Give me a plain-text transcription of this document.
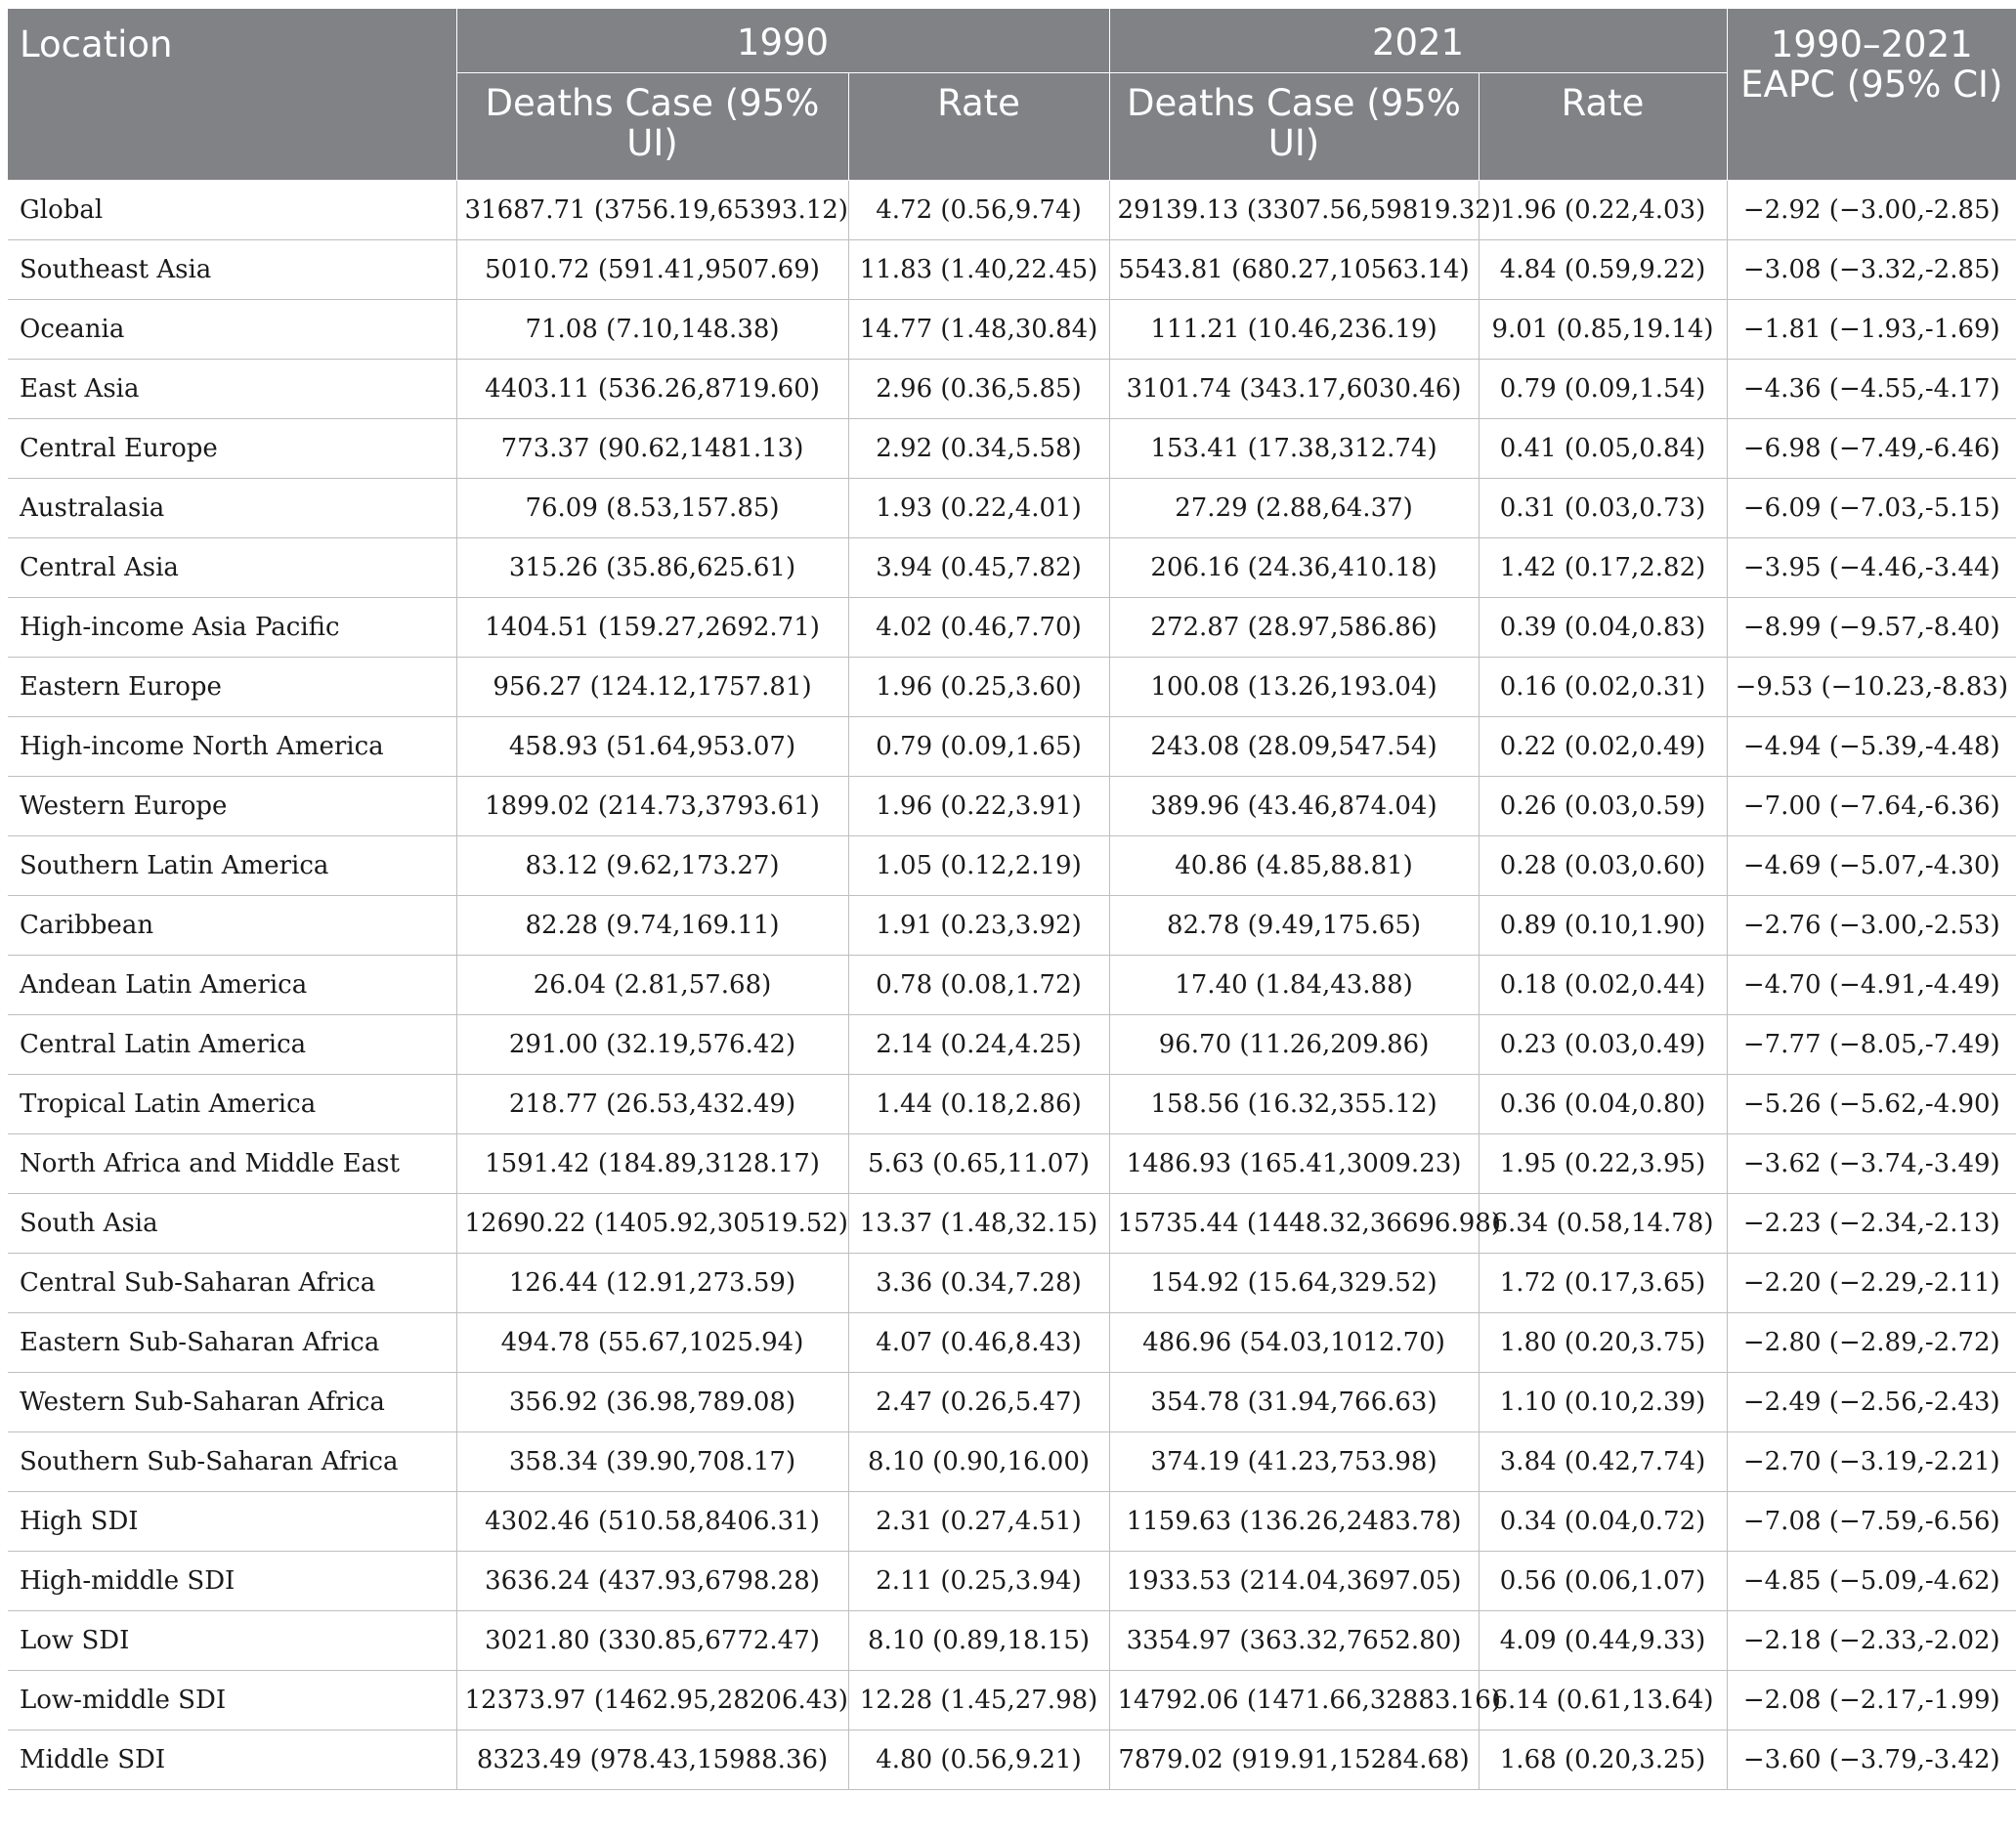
Location	1990		2021		1990–2021 EAPC (95% CI)
	Deaths Case (95% UI)	Rate	Deaths Case (95% UI)	Rate	
Global	31687.71 (3756.19,65393.12)	4.72 (0.56,9.74)	29139.13 (3307.56,59819.32)	1.96 (0.22,4.03)	−2.92 (−3.00,-2.85)
Southeast Asia	5010.72 (591.41,9507.69)	11.83 (1.40,22.45)	5543.81 (680.27,10563.14)	4.84 (0.59,9.22)	−3.08 (−3.32,-2.85)
Oceania	71.08 (7.10,148.38)	14.77 (1.48,30.84)	111.21 (10.46,236.19)	9.01 (0.85,19.14)	−1.81 (−1.93,-1.69)
East Asia	4403.11 (536.26,8719.60)	2.96 (0.36,5.85)	3101.74 (343.17,6030.46)	0.79 (0.09,1.54)	−4.36 (−4.55,-4.17)
Central Europe	773.37 (90.62,1481.13)	2.92 (0.34,5.58)	153.41 (17.38,312.74)	0.41 (0.05,0.84)	−6.98 (−7.49,-6.46)
Australasia	76.09 (8.53,157.85)	1.93 (0.22,4.01)	27.29 (2.88,64.37)	0.31 (0.03,0.73)	−6.09 (−7.03,-5.15)
Central Asia	315.26 (35.86,625.61)	3.94 (0.45,7.82)	206.16 (24.36,410.18)	1.42 (0.17,2.82)	−3.95 (−4.46,-3.44)
High-income Asia Pacific	1404.51 (159.27,2692.71)	4.02 (0.46,7.70)	272.87 (28.97,586.86)	0.39 (0.04,0.83)	−8.99 (−9.57,-8.40)
Eastern Europe	956.27 (124.12,1757.81)	1.96 (0.25,3.60)	100.08 (13.26,193.04)	0.16 (0.02,0.31)	−9.53 (−10.23,-8.83)
High-income North America	458.93 (51.64,953.07)	0.79 (0.09,1.65)	243.08 (28.09,547.54)	0.22 (0.02,0.49)	−4.94 (−5.39,-4.48)
Western Europe	1899.02 (214.73,3793.61)	1.96 (0.22,3.91)	389.96 (43.46,874.04)	0.26 (0.03,0.59)	−7.00 (−7.64,-6.36)
Southern Latin America	83.12 (9.62,173.27)	1.05 (0.12,2.19)	40.86 (4.85,88.81)	0.28 (0.03,0.60)	−4.69 (−5.07,-4.30)
Caribbean	82.28 (9.74,169.11)	1.91 (0.23,3.92)	82.78 (9.49,175.65)	0.89 (0.10,1.90)	−2.76 (−3.00,-2.53)
Andean Latin America	26.04 (2.81,57.68)	0.78 (0.08,1.72)	17.40 (1.84,43.88)	0.18 (0.02,0.44)	−4.70 (−4.91,-4.49)
Central Latin America	291.00 (32.19,576.42)	2.14 (0.24,4.25)	96.70 (11.26,209.86)	0.23 (0.03,0.49)	−7.77 (−8.05,-7.49)
Tropical Latin America	218.77 (26.53,432.49)	1.44 (0.18,2.86)	158.56 (16.32,355.12)	0.36 (0.04,0.80)	−5.26 (−5.62,-4.90)
North Africa and Middle East	1591.42 (184.89,3128.17)	5.63 (0.65,11.07)	1486.93 (165.41,3009.23)	1.95 (0.22,3.95)	−3.62 (−3.74,-3.49)
South Asia	12690.22 (1405.92,30519.52)	13.37 (1.48,32.15)	15735.44 (1448.32,36696.98)	6.34 (0.58,14.78)	−2.23 (−2.34,-2.13)
Central Sub-Saharan Africa	126.44 (12.91,273.59)	3.36 (0.34,7.28)	154.92 (15.64,329.52)	1.72 (0.17,3.65)	−2.20 (−2.29,-2.11)
Eastern Sub-Saharan Africa	494.78 (55.67,1025.94)	4.07 (0.46,8.43)	486.96 (54.03,1012.70)	1.80 (0.20,3.75)	−2.80 (−2.89,-2.72)
Western Sub-Saharan Africa	356.92 (36.98,789.08)	2.47 (0.26,5.47)	354.78 (31.94,766.63)	1.10 (0.10,2.39)	−2.49 (−2.56,-2.43)
Southern Sub-Saharan Africa	358.34 (39.90,708.17)	8.10 (0.90,16.00)	374.19 (41.23,753.98)	3.84 (0.42,7.74)	−2.70 (−3.19,-2.21)
High SDI	4302.46 (510.58,8406.31)	2.31 (0.27,4.51)	1159.63 (136.26,2483.78)	0.34 (0.04,0.72)	−7.08 (−7.59,-6.56)
High-middle SDI	3636.24 (437.93,6798.28)	2.11 (0.25,3.94)	1933.53 (214.04,3697.05)	0.56 (0.06,1.07)	−4.85 (−5.09,-4.62)
Low SDI	3021.80 (330.85,6772.47)	8.10 (0.89,18.15)	3354.97 (363.32,7652.80)	4.09 (0.44,9.33)	−2.18 (−2.33,-2.02)
Low-middle SDI	12373.97 (1462.95,28206.43)	12.28 (1.45,27.98)	14792.06 (1471.66,32883.16)	6.14 (0.61,13.64)	−2.08 (−2.17,-1.99)
Middle SDI	8323.49 (978.43,15988.36)	4.80 (0.56,9.21)	7879.02 (919.91,15284.68)	1.68 (0.20,3.25)	−3.60 (−3.79,-3.42)
